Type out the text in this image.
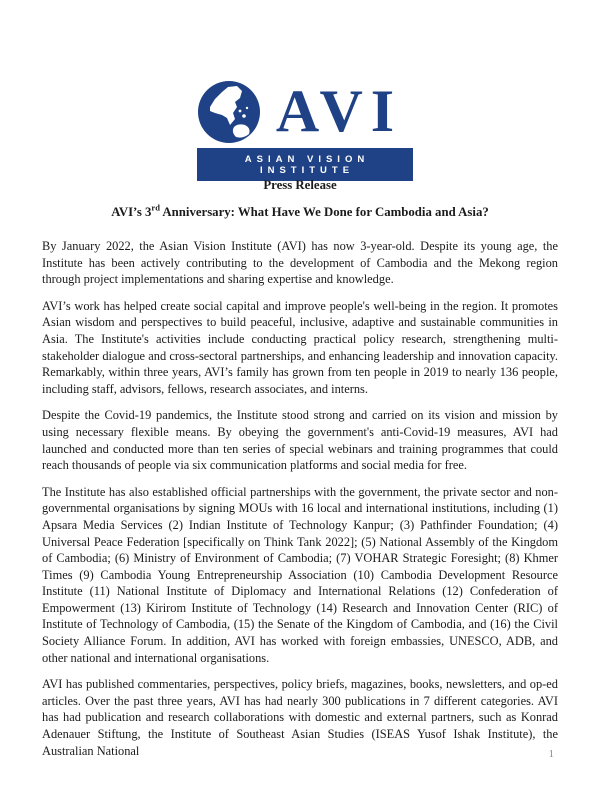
AVI
ASIAN VISION INSTITUTE
Press Release
AVI’s 3rd Anniversary: What Have We Done for Cambodia and Asia?

By January 2022, the Asian Vision Institute (AVI) has now 3-year-old. Despite its young age, the Institute has been actively contributing to the development of Cambodia and the Mekong region through project implementations and sharing expertise and knowledge.

AVI’s work has helped create social capital and improve people's well-being in the region. It promotes Asian wisdom and perspectives to build peaceful, inclusive, adaptive and sustainable communities in Asia. The Institute's activities include conducting practical policy research, strengthening multi-stakeholder dialogue and cross-sectoral partnerships, and enhancing leadership and innovation capacity. Remarkably, within three years, AVI’s family has grown from ten people in 2019 to nearly 136 people, including staff, advisors, fellows, research associates, and interns.

Despite the Covid-19 pandemics, the Institute stood strong and carried on its vision and mission by using necessary flexible means. By obeying the government's anti-Covid-19 measures, AVI had launched and conducted more than ten series of special webinars and training programmes that could reach thousands of people via six communication platforms and social media for free.

The Institute has also established official partnerships with the government, the private sector and non-governmental organisations by signing MOUs with 16 local and international institutions, including (1) Apsara Media Services (2) Indian Institute of Technology Kanpur; (3) Pathfinder Foundation; (4) Universal Peace Federation [specifically on Think Tank 2022]; (5) National Assembly of the Kingdom of Cambodia; (6) Ministry of Environment of Cambodia; (7) VOHAR Strategic Foresight; (8) Khmer Times (9) Cambodia Young Entrepreneurship Association (10) Cambodia Development Resource Institute (11) National Institute of Diplomacy and International Relations (12) Confederation of Empowerment (13) Kirirom Institute of Technology (14) Research and Innovation Center (RIC) of Institute of Technology of Cambodia, (15) the Senate of the Kingdom of Cambodia, and (16) the Civil Society Alliance Forum. In addition, AVI has worked with foreign embassies, UNESCO, ADB, and other national and international organisations.

AVI has published commentaries, perspectives, policy briefs, magazines, books, newsletters, and op-ed articles. Over the past three years, AVI has had nearly 300 publications in 7 different categories. AVI has had publication and research collaborations with domestic and external partners, such as Konrad Adenauer Stiftung, the Institute of Southeast Asian Studies (ISEAS Yusof Ishak Institute), the Australian National	1
